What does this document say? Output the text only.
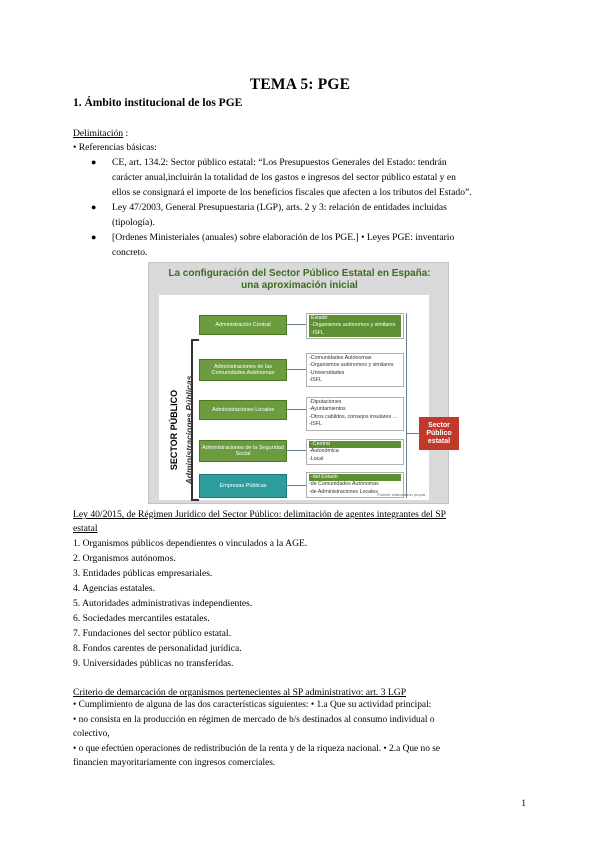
TEMA 5: PGE
1. Ámbito institucional de los PGE
Delimitación :
• Referencias básicas:
● CE, art. 134.2: Sector público estatal: “Los Presupuestos Generales del Estado: tendrán
carácter anual,incluirán la totalidad de los gastos e ingresos del sector público estatal y en
ellos se consignará el importe de los beneficios fiscales que afecten a los tributos del Estado”.
● Ley 47/2003, General Presupuestaria (LGP), arts. 2 y 3: relación de entidades incluidas
(tipología).
● [Ordenes Ministeriales (anuales) sobre elaboración de los PGE.] • Leyes PGE: inventario
concreto.
La configuración del Sector Público Estatal en España:
una aproximación inicial
SECTOR PÚBLICO Administraciones Públicas
Administración Central
Estado
-Organismos autónomos y similares
-ISFL
Administraciones de las Comunidades Autónomas
-Comunidades Autónomas
-Organismos autónomos y similares
-Universidades
-ISFL
Administraciones Locales
-Diputaciones
-Ayuntamientos
-Otros cabildos, consejos insulares ...
-ISFL
Administraciones de la Seguridad Social
-Central
-Autonómica
-Local
Empresas Públicas
-del Estado
-de Comunidades Autónomas
-de Administraciones Locales
Sector Público estatal
Fuente: elaboración propia
Ley 40/2015, de Régimen Jurídico del Sector Público: delimitación de agentes integrantes del SP
estatal
1. Organismos públicos dependientes o vinculados a la AGE.
2. Organismos autónomos.
3. Entidades públicas empresariales.
4. Agencias estatales.
5. Autoridades administrativas independientes.
6. Sociedades mercantiles estatales.
7. Fundaciones del sector público estatal.
8. Fondos carentes de personalidad jurídica.
9. Universidades públicas no transferidas.
Criterio de demarcación de organismos pertenecientes al SP administrativo: art. 3 LGP
• Cumplimiento de alguna de las dos características siguientes: • 1.a Que su actividad principal:
• no consista en la producción en régimen de mercado de b/s destinados al consumo individual o
colectivo,
• o que efectúen operaciones de redistribución de la renta y de la riqueza nacional. • 2.a Que no se
financien mayoritariamente con ingresos comerciales.
1
